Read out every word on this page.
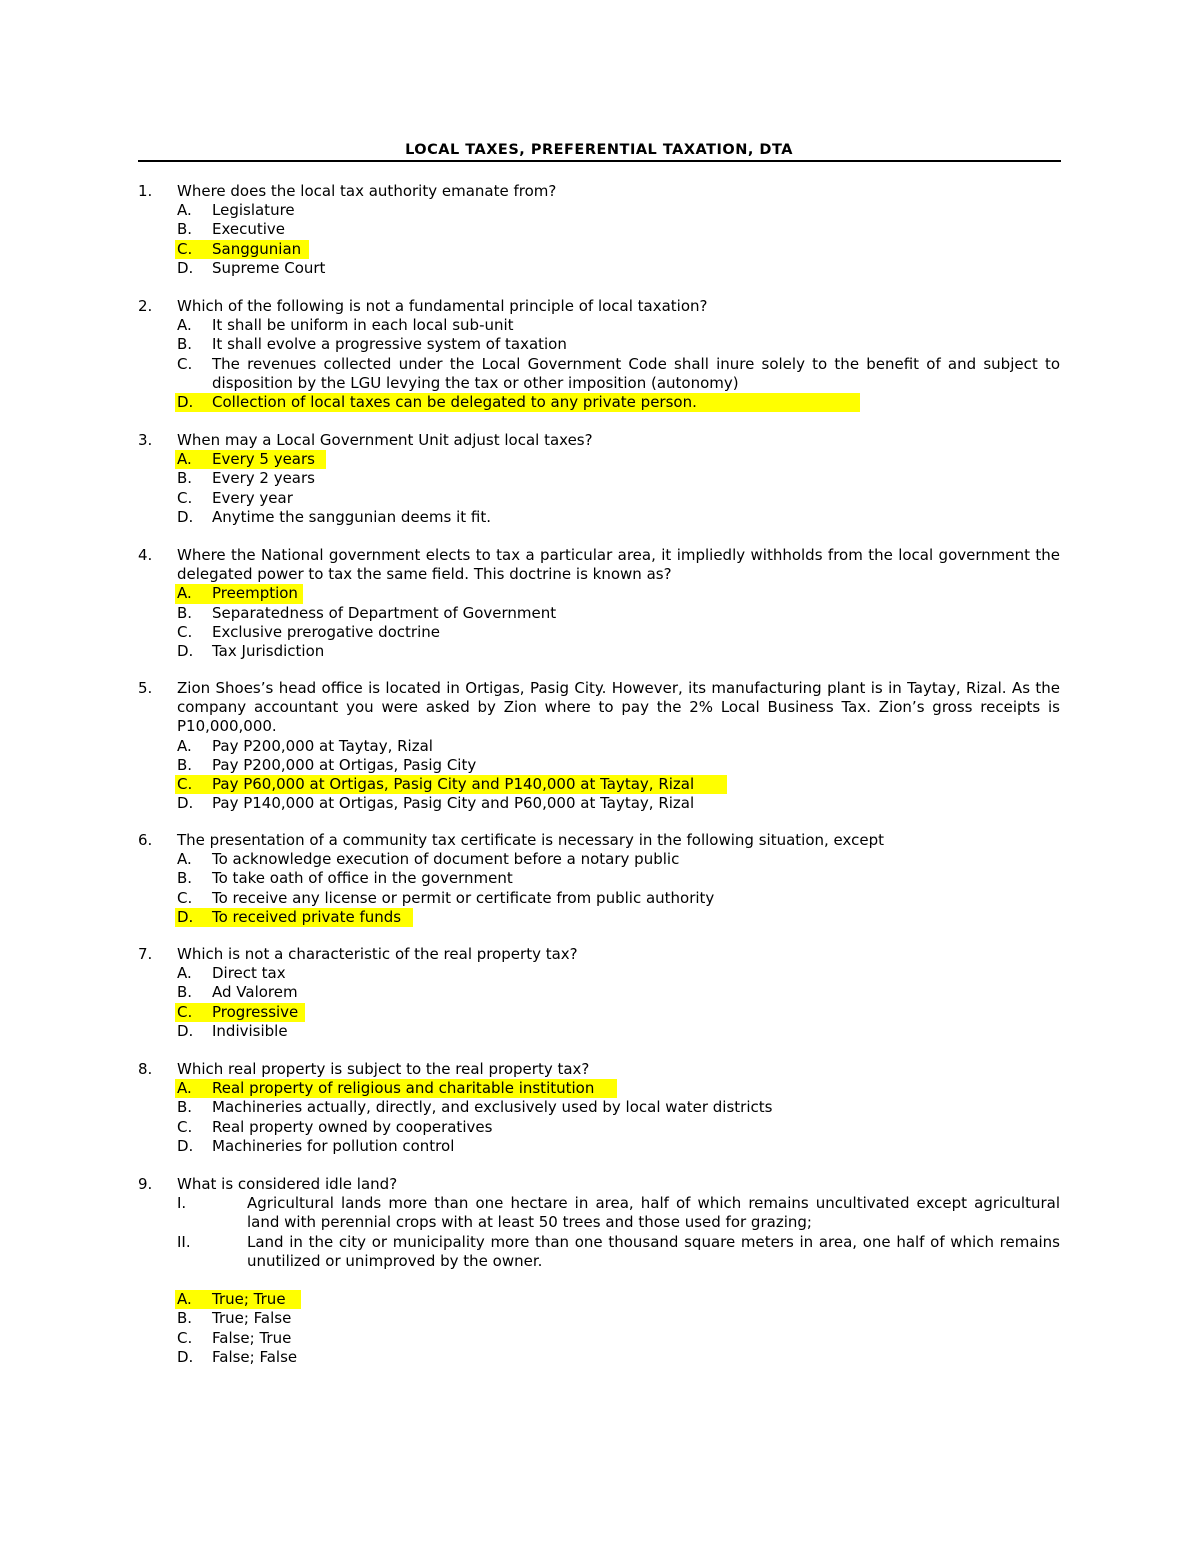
LOCAL TAXES, PREFERENTIAL TAXATION, DTA
1. Where does the local tax authority emanate from?
A. Legislature
B. Executive
C. Sanggunian
D. Supreme Court
2. Which of the following is not a fundamental principle of local taxation?
A. It shall be uniform in each local sub-unit
B. It shall evolve a progressive system of taxation
C. The revenues collected under the Local Government Code shall inure solely to the benefit of and subject to disposition by the LGU levying the tax or other imposition (autonomy)
D. Collection of local taxes can be delegated to any private person.
3. When may a Local Government Unit adjust local taxes?
A. Every 5 years
B. Every 2 years
C. Every year
D. Anytime the sanggunian deems it fit.
4. Where the National government elects to tax a particular area, it impliedly withholds from the local government the delegated power to tax the same field. This doctrine is known as?
A. Preemption
B. Separatedness of Department of Government
C. Exclusive prerogative doctrine
D. Tax Jurisdiction
5. Zion Shoes’s head office is located in Ortigas, Pasig City. However, its manufacturing plant is in Taytay, Rizal. As the company accountant you were asked by Zion where to pay the 2% Local Business Tax. Zion’s gross receipts is P10,000,000.
A. Pay P200,000 at Taytay, Rizal
B. Pay P200,000 at Ortigas, Pasig City
C. Pay P60,000 at Ortigas, Pasig City and P140,000 at Taytay, Rizal
D. Pay P140,000 at Ortigas, Pasig City and P60,000 at Taytay, Rizal
6. The presentation of a community tax certificate is necessary in the following situation, except
A. To acknowledge execution of document before a notary public
B. To take oath of office in the government
C. To receive any license or permit or certificate from public authority
D. To received private funds
7. Which is not a characteristic of the real property tax?
A. Direct tax
B. Ad Valorem
C. Progressive
D. Indivisible
8. Which real property is subject to the real property tax?
A. Real property of religious and charitable institution
B. Machineries actually, directly, and exclusively used by local water districts
C. Real property owned by cooperatives
D. Machineries for pollution control
9. What is considered idle land?
I.	Agricultural lands more than one hectare in area, half of which remains uncultivated except agricultural land with perennial crops with at least 50 trees and those used for grazing;
II.	Land in the city or municipality more than one thousand square meters in area, one half of which remains unutilized or unimproved by the owner.
A. True; True
B. True; False
C. False; True
D. False; False
